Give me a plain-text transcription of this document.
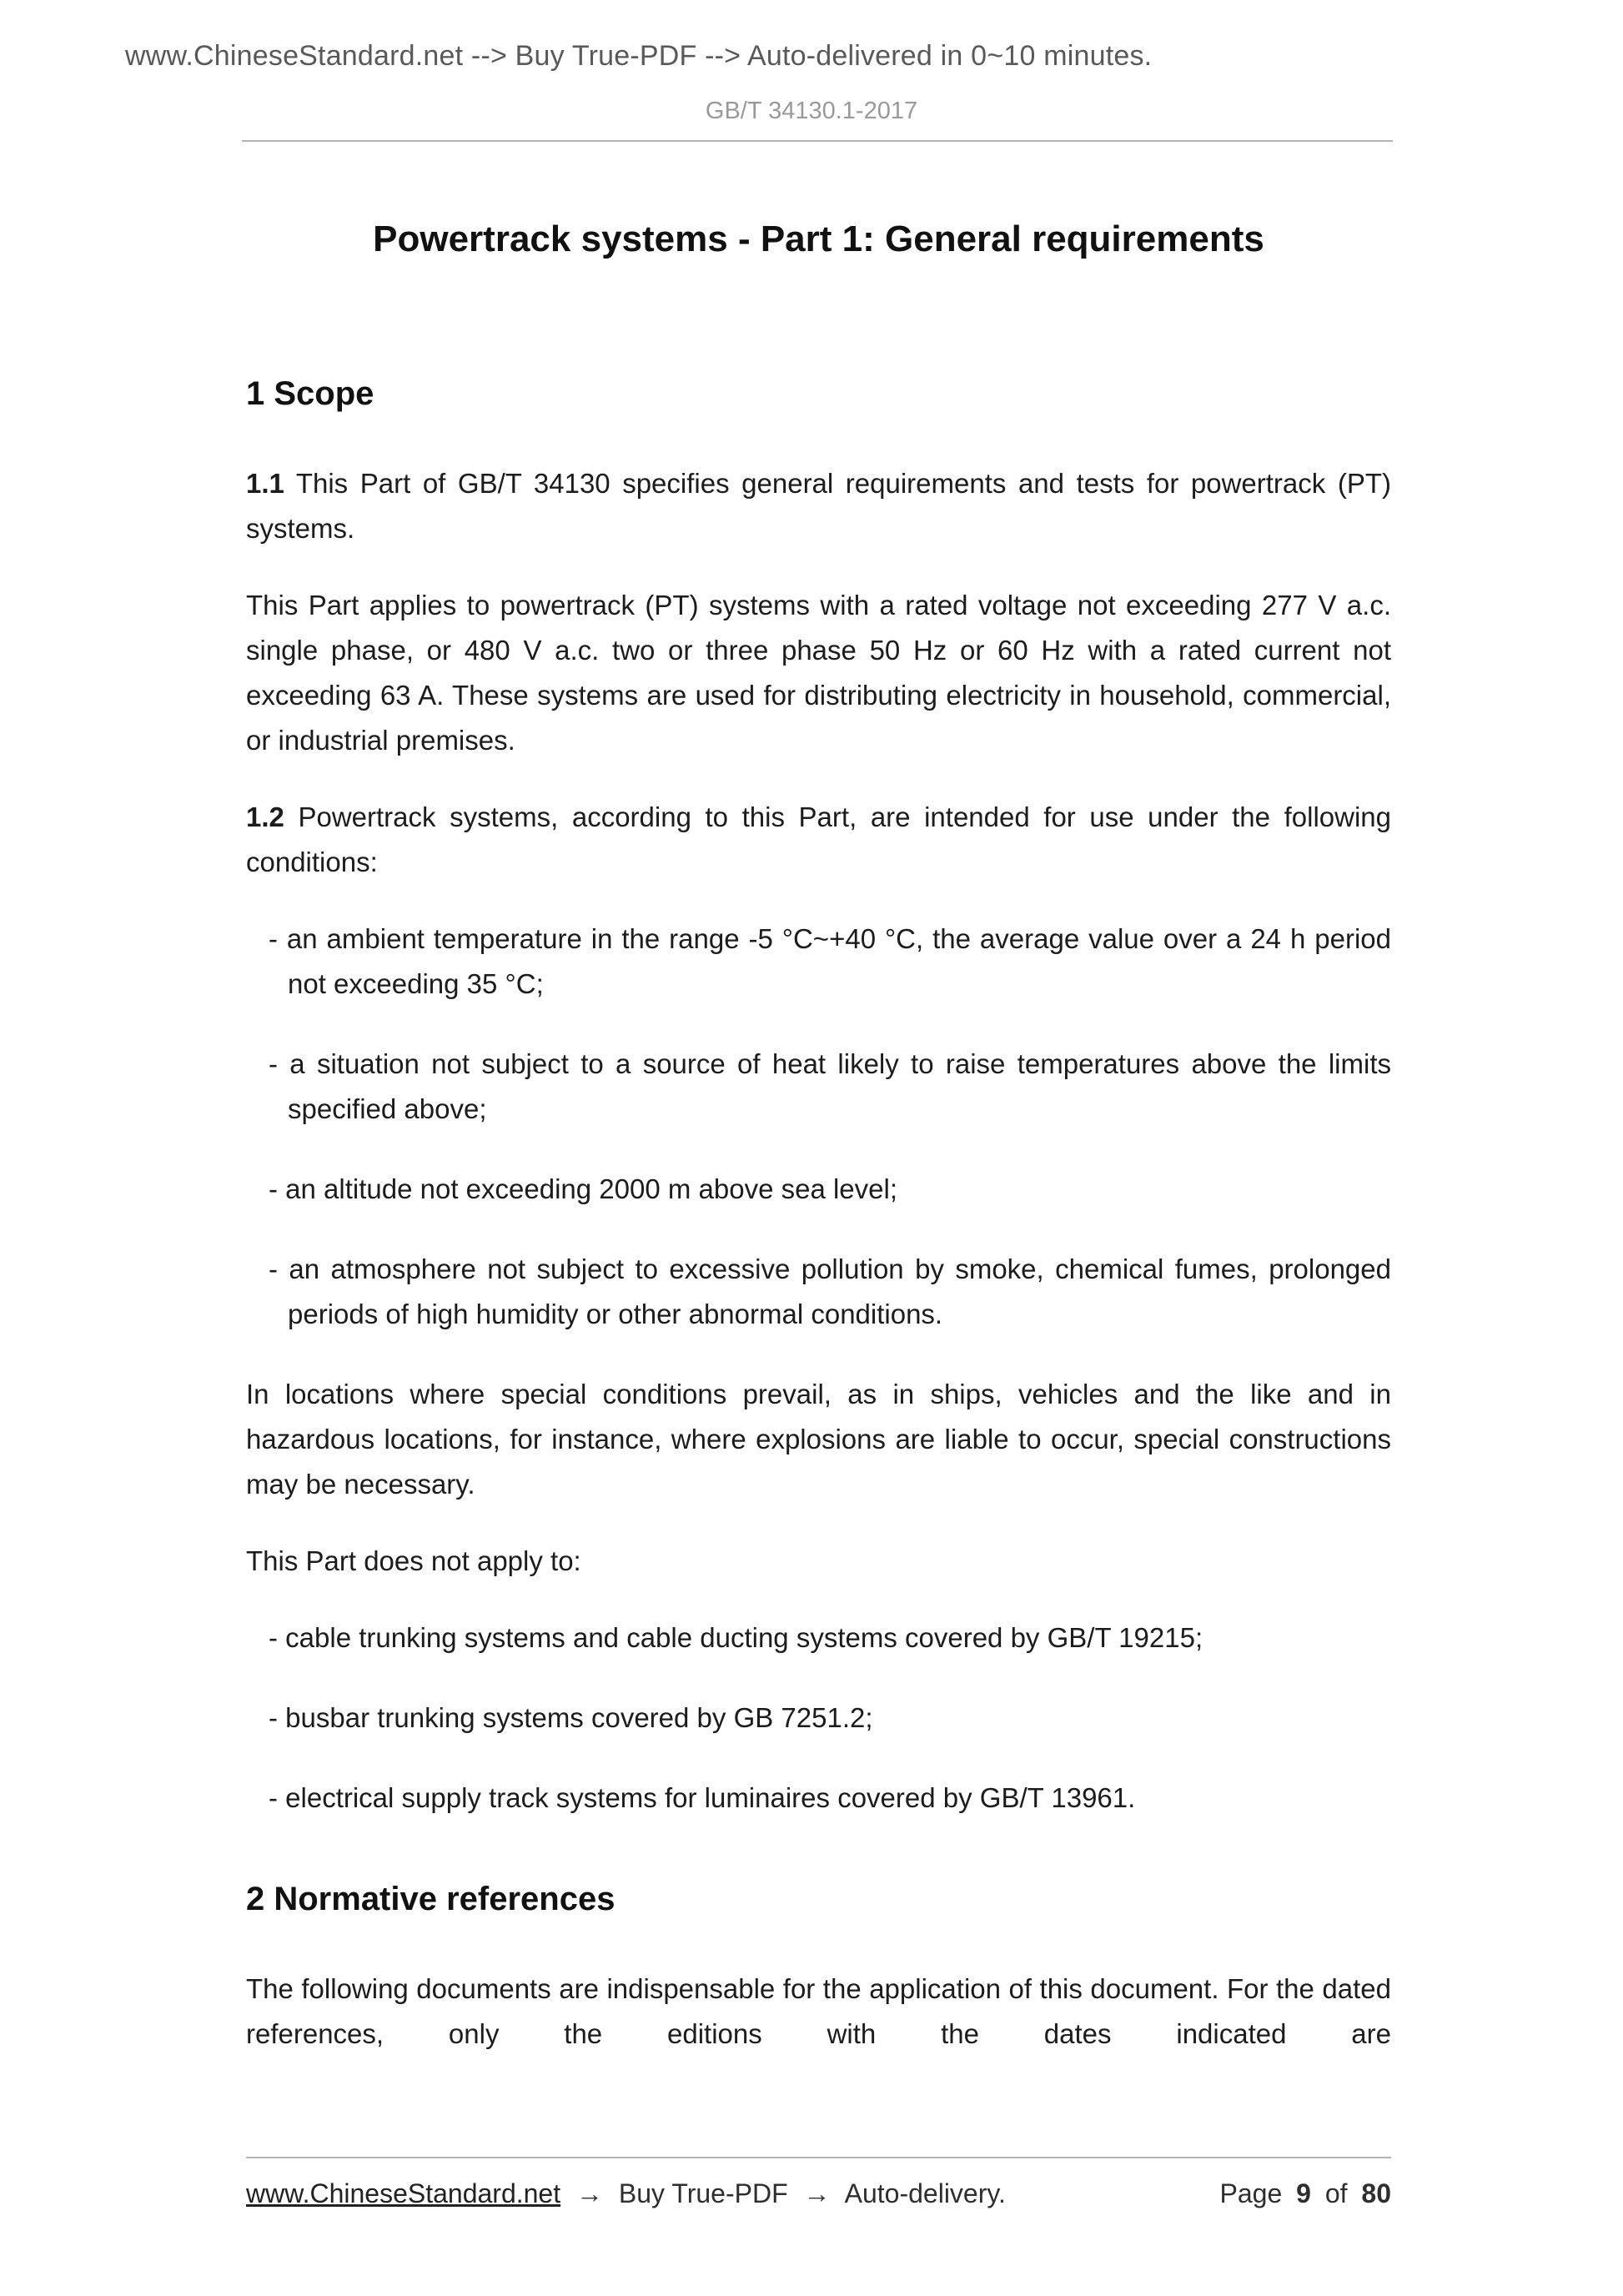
www.ChineseStandard.net --> Buy True-PDF --> Auto-delivered in 0~10 minutes.
GB/T 34130.1-2017
Powertrack systems - Part 1: General requirements
1 Scope

1.1 This Part of GB/T 34130 specifies general requirements and tests for powertrack (PT) systems.

This Part applies to powertrack (PT) systems with a rated voltage not exceeding 277 V a.c. single phase, or 480 V a.c. two or three phase 50 Hz or 60 Hz with a rated current not exceeding 63 A. These systems are used for distributing electricity in household, commercial, or industrial premises.

1.2 Powertrack systems, according to this Part, are intended for use under the following conditions:

- an ambient temperature in the range -5 °C~+40 °C, the average value over a 24 h period not exceeding 35 °C;

- a situation not subject to a source of heat likely to raise temperatures above the limits specified above;

- an altitude not exceeding 2000 m above sea level;

- an atmosphere not subject to excessive pollution by smoke, chemical fumes, prolonged periods of high humidity or other abnormal conditions.

In locations where special conditions prevail, as in ships, vehicles and the like and in hazardous locations, for instance, where explosions are liable to occur, special constructions may be necessary.

This Part does not apply to:

- cable trunking systems and cable ducting systems covered by GB/T 19215;

- busbar trunking systems covered by GB 7251.2;

- electrical supply track systems for luminaires covered by GB/T 13961.

2 Normative references

The following documents are indispensable for the application of this document. For the dated references, only the editions with the dates indicated are

www.ChineseStandard.net → Buy True-PDF → Auto-delivery.	Page 9 of 80
